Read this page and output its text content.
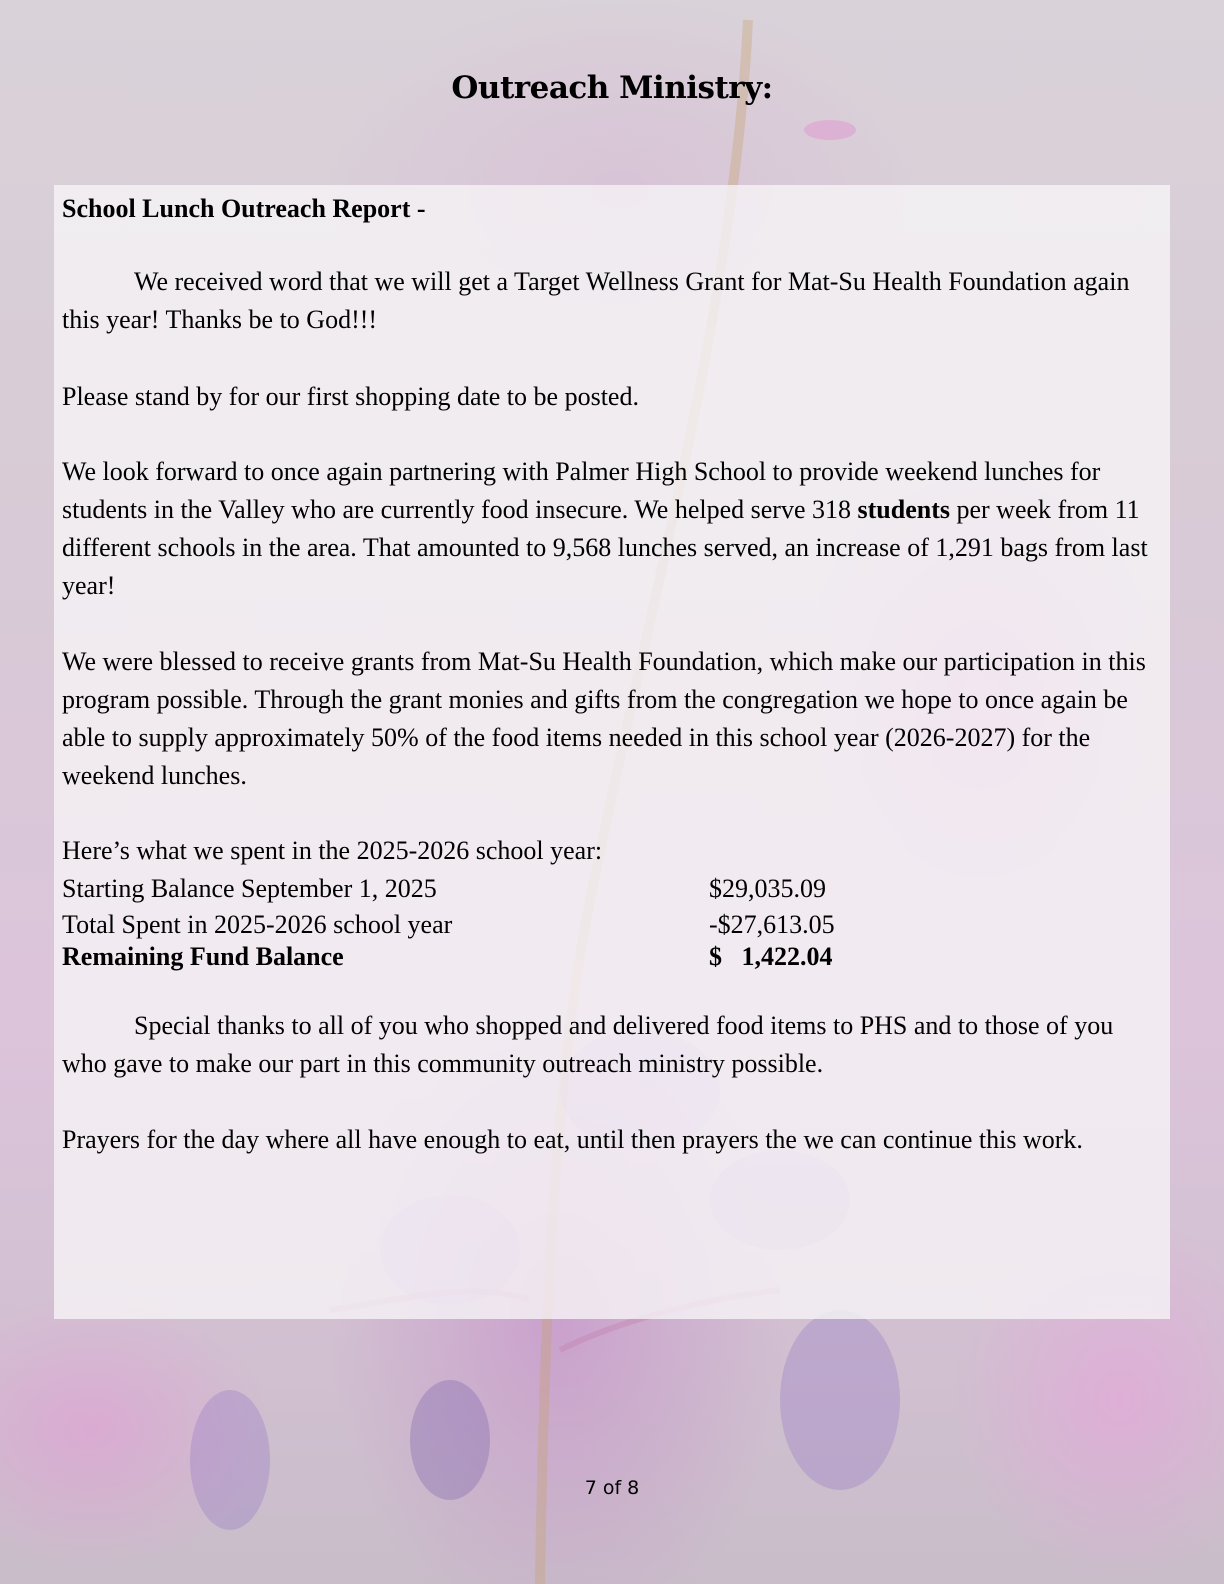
Outreach Ministry:
School Lunch Outreach Report -

We received word that we will get a Target Wellness Grant for Mat-Su Health Foundation again this year! Thanks be to God!!!

Please stand by for our first shopping date to be posted.

We look forward to once again partnering with Palmer High School to provide weekend lunches for students in the Valley who are currently food insecure. We helped serve 318 students per week from 11 different schools in the area. That amounted to 9,568 lunches served, an increase of 1,291 bags from last year!

We were blessed to receive grants from Mat-Su Health Foundation, which make our participation in this program possible. Through the grant monies and gifts from the congregation we hope to once again be able to supply approximately 50% of the food items needed in this school year (2026-2027) for the weekend lunches.

Here’s what we spent in the 2025-2026 school year:

Starting Balance September 1, 2025	$29,035.09
Total Spent in 2025-2026 school year	-$27,613.05
Remaining Fund Balance	$   1,422.04

Special thanks to all of you who shopped and delivered food items to PHS and to those of you who gave to make our part in this community outreach ministry possible.

Prayers for the day where all have enough to eat, until then prayers the we can continue this work.

7 of 8
